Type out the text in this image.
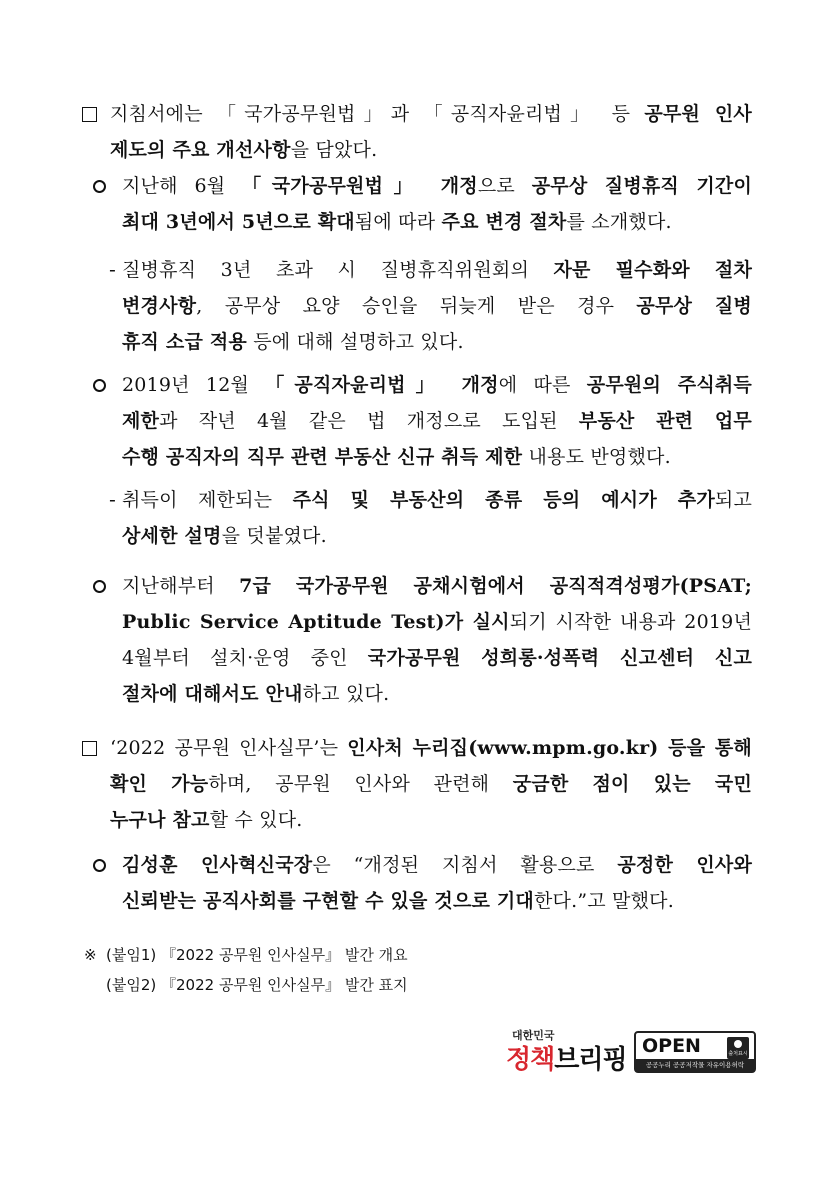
지침서에는 「국가공무원법」과 「공직자윤리법」 등 공무원 인사
제도의 주요 개선사항을 담았다.
지난해 6월 「국가공무원법」 개정으로 공무상 질병휴직 기간이
최대 3년에서 5년으로 확대됨에 따라 주요 변경 절차를 소개했다.
- 질병휴직 3년 초과 시 질병휴직위원회의 자문 필수화와 절차
변경사항, 공무상 요양 승인을 뒤늦게 받은 경우 공무상 질병
휴직 소급 적용 등에 대해 설명하고 있다.
2019년 12월 「공직자윤리법」 개정에 따른 공무원의 주식취득
제한과 작년 4월 같은 법 개정으로 도입된 부동산 관련 업무
수행 공직자의 직무 관련 부동산 신규 취득 제한 내용도 반영했다.
- 취득이 제한되는 주식 및 부동산의 종류 등의 예시가 추가되고
상세한 설명을 덧붙였다.
지난해부터 7급 국가공무원 공채시험에서 공직적격성평가(PSAT;
Public Service Aptitude Test)가 실시되기 시작한 내용과 2019년
4월부터 설치·운영 중인 국가공무원 성희롱·성폭력 신고센터 신고
절차에 대해서도 안내하고 있다.
‘2022 공무원 인사실무’는 인사처 누리집(www.mpm.go.kr) 등을 통해
확인 가능하며, 공무원 인사와 관련해 궁금한 점이 있는 국민
누구나 참고할 수 있다.
김성훈 인사혁신국장은 “개정된 지침서 활용으로 공정한 인사와
신뢰받는 공직사회를 구현할 수 있을 것으로 기대한다.”고 말했다.
※ (붙임1) 『2022 공무원 인사실무』 발간 개요
(붙임2) 『2022 공무원 인사실무』 발간 표지
대한민국
정책브리핑 OPEN	출처표시
공공누리 공공저작물 자유이용허락
